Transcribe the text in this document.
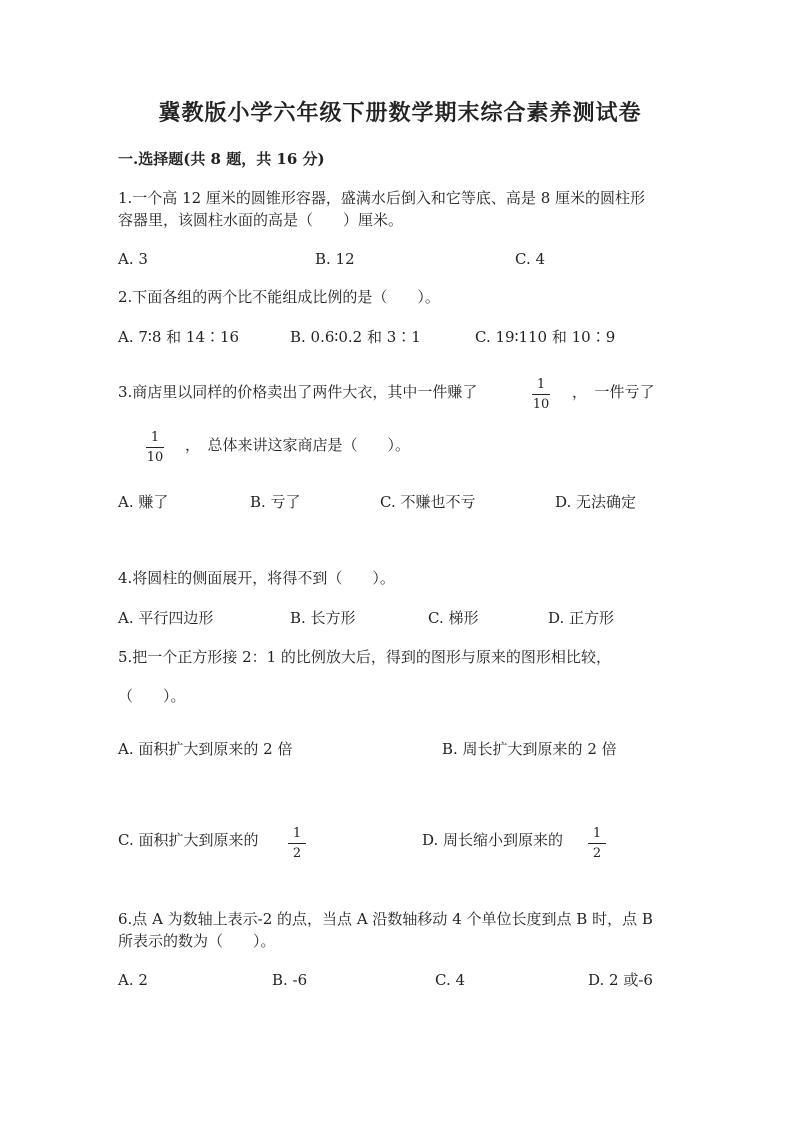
冀教版小学六年级下册数学期末综合素养测试卷
一.选择题(共 8 题，共 16 分)
1.一个高 12 厘米的圆锥形容器，盛满水后倒入和它等底、高是 8 厘米的圆柱形
容器里，该圆柱水面的高是（　　）厘米。
A. 3	B. 12	C. 4
2.下面各组的两个比不能组成比例的是（　　）。
A. 7∶8 和 14∶16	B. 0.6∶0.2 和 3∶1	C. 19∶110 和 10∶9
3.商店里以同样的价格卖出了两件大衣，其中一件赚了	1
10
，　一件亏了
1
10
，　总体来讲这家商店是（　　）。
A. 赚了	B. 亏了	C. 不赚也不亏	D. 无法确定
4.将圆柱的侧面展开，将得不到（　　）。
A. 平行四边形	B. 长方形	C. 梯形	D. 正方形
5.把一个正方形接 2：1 的比例放大后，得到的图形与原来的图形相比较，
（　　）。
A. 面积扩大到原来的 2 倍	B. 周长扩大到原来的 2 倍
C. 面积扩大到原来的	1
2
D. 周长缩小到原来的	1
2
6.点 A 为数轴上表示-2 的点，当点 A 沿数轴移动 4 个单位长度到点 B 时，点 B
所表示的数为（　　）。
A. 2	B. -6	C. 4	D. 2 或-6
